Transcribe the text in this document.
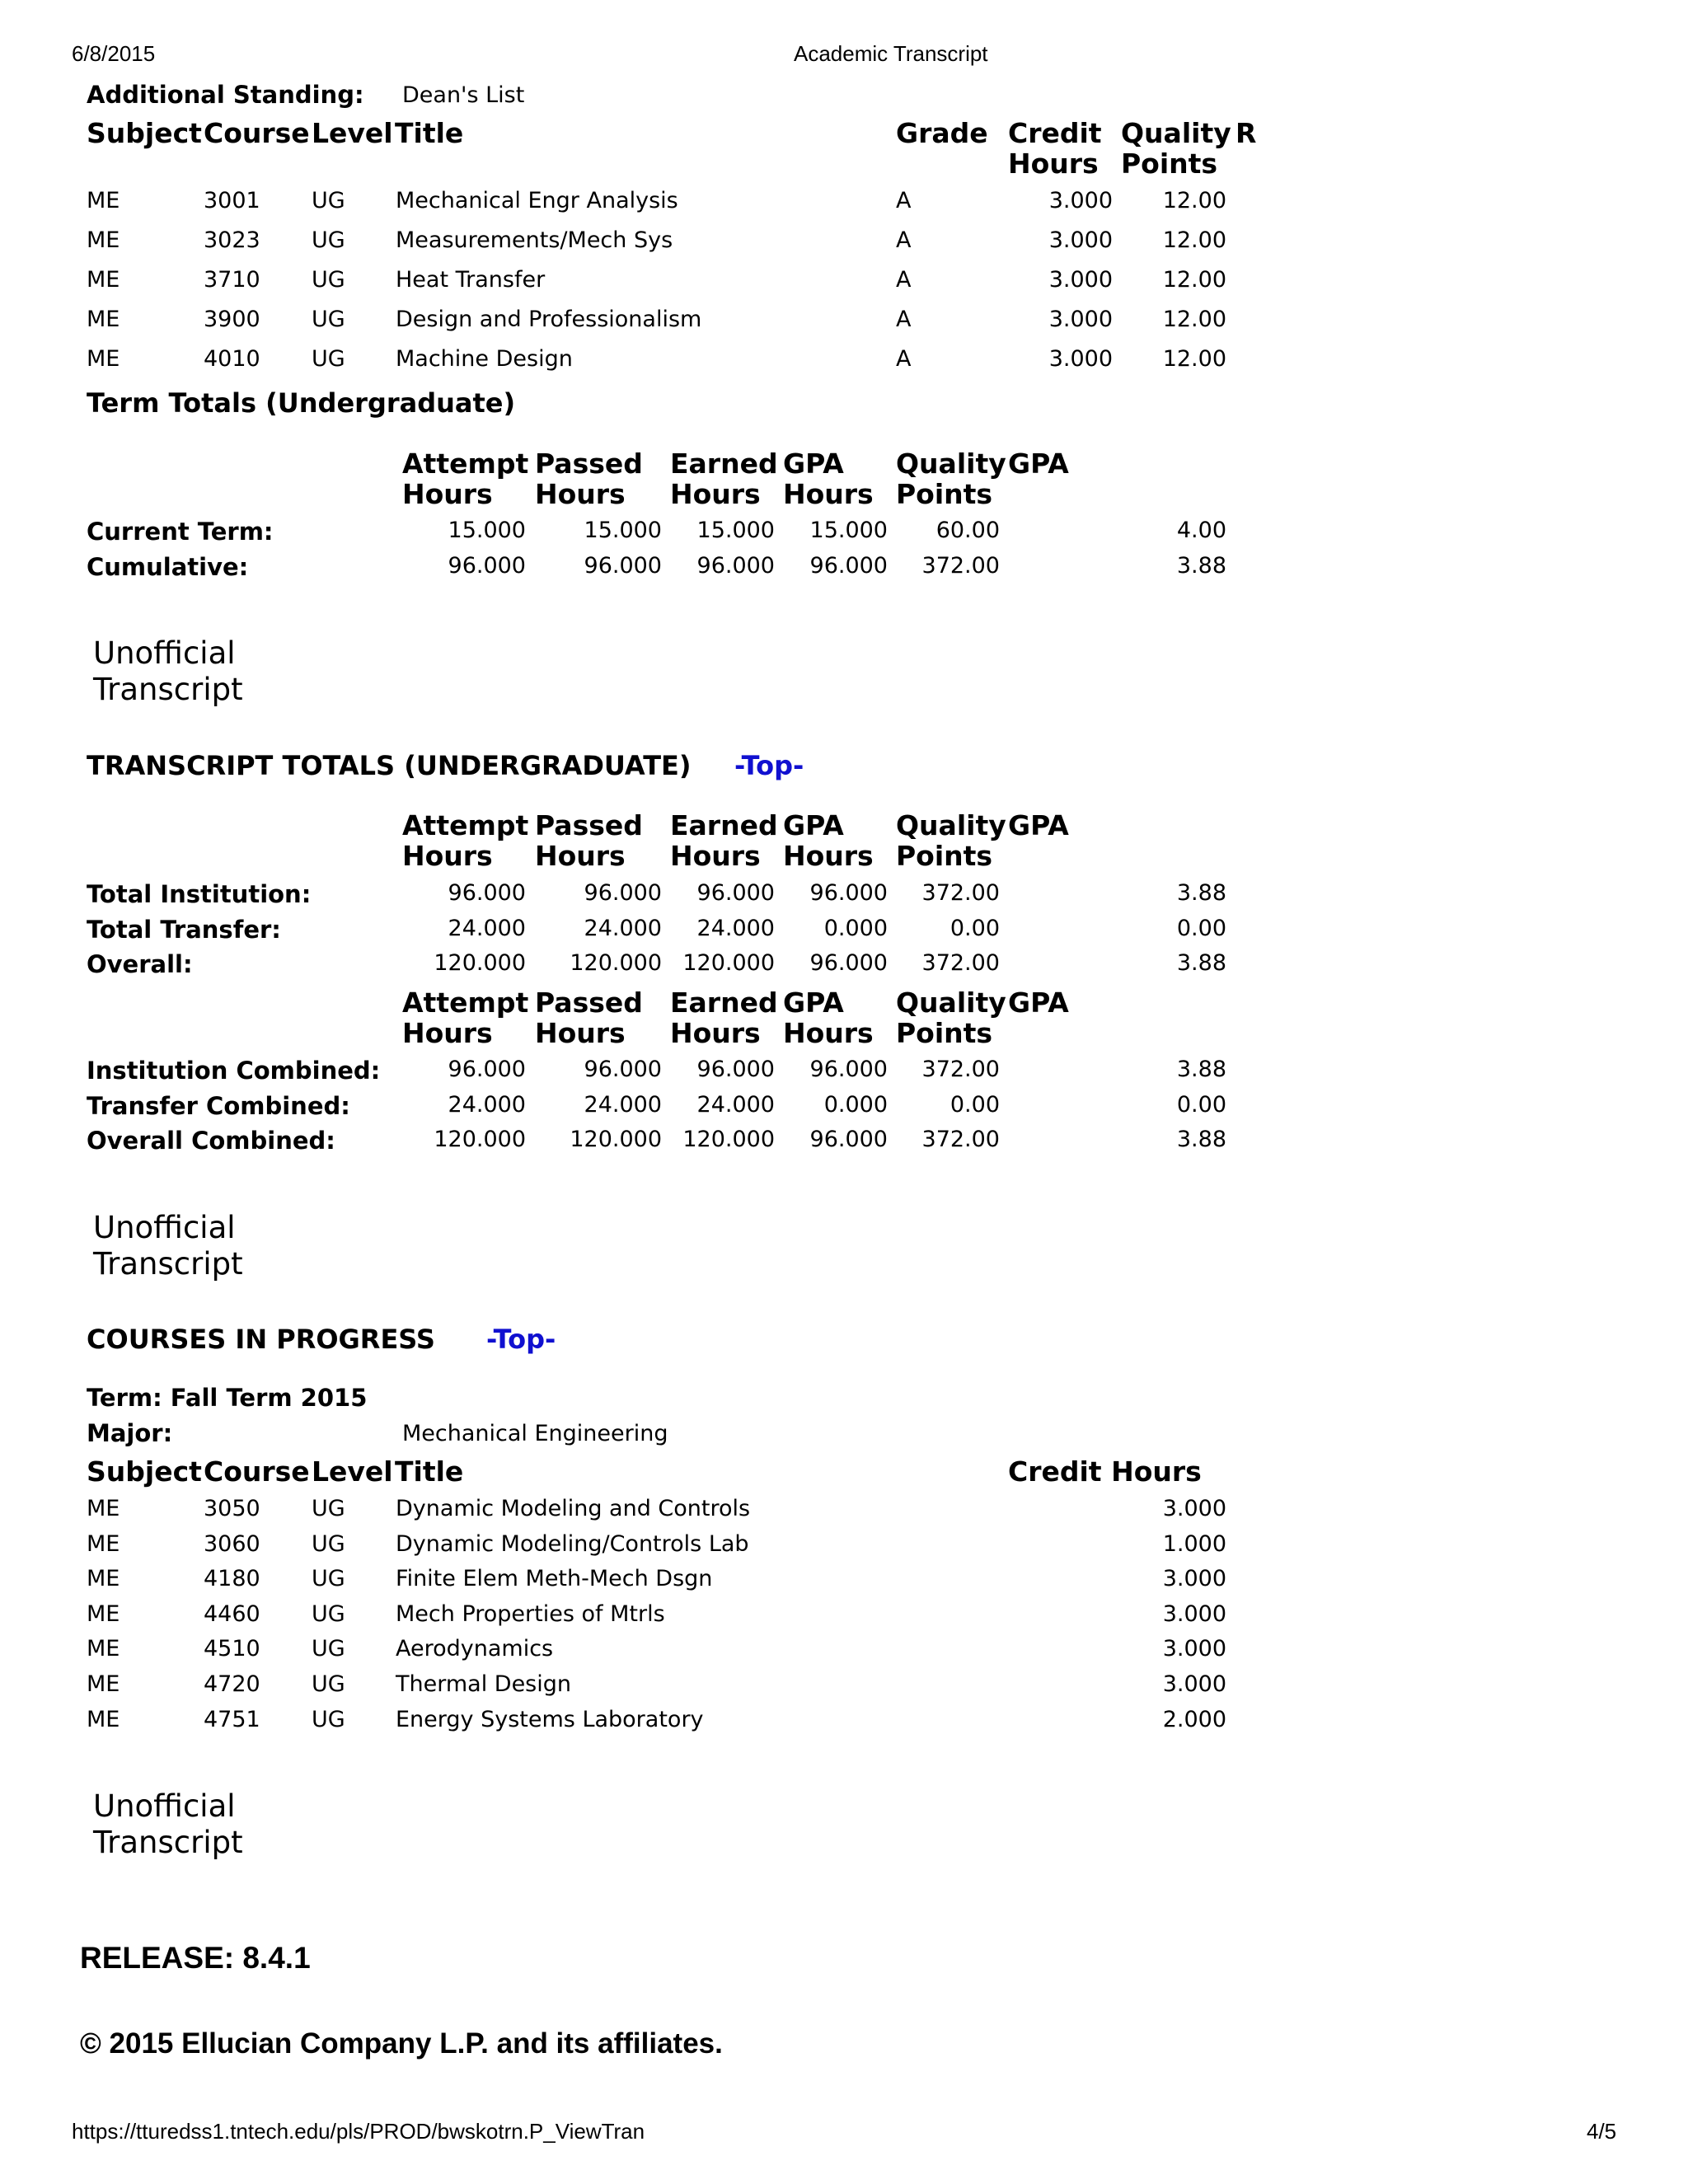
6/8/2015	Academic Transcript
Additional Standing: Dean's List
Subject Course Level Title	Grade Credit
Hours
Quality
Points
R
ME	3001 UG Mechanical Engr Analysis	A	3.000	12.00
ME	3023 UG Measurements/Mech Sys	A	3.000	12.00
ME	3710 UG Heat Transfer	A	3.000	12.00
ME	3900 UG Design and Professionalism	A	3.000	12.00
ME	4010 UG Machine Design	A	3.000	12.00
Term Totals (Undergraduate)
Attempt
Hours
Passed
Hours
Earned
Hours
GPA
Hours
Quality
Points
GPA
Current Term:	15.000	15.000	15.000	15.000	60.00	4.00
Cumulative:	96.000	96.000	96.000	96.000	372.00	3.88
Unofficial
Transcript
TRANSCRIPT TOTALS (UNDERGRADUATE) -Top-
Attempt
Hours
Passed
Hours
Earned
Hours
GPA
Hours
Quality
Points
GPA
Total Institution:	96.000	96.000	96.000	96.000	372.00	3.88
Total Transfer:	24.000	24.000	24.000	0.000	0.00	0.00
Overall:	120.000	120.000 120.000	96.000	372.00	3.88
Attempt
Hours
Passed
Hours
Earned
Hours
GPA
Hours
Quality
Points
GPA
Institution Combined:	96.000	96.000	96.000	96.000	372.00	3.88
Transfer Combined:	24.000	24.000	24.000	0.000	0.00	0.00
Overall Combined:	120.000	120.000 120.000	96.000	372.00	3.88
Unofficial
Transcript
COURSES IN PROGRESS -Top-
Term: Fall Term 2015
Major:	Mechanical Engineering
Subject Course Level Title	Credit Hours
ME	3050 UG Dynamic Modeling and Controls	3.000
ME	3060 UG Dynamic Modeling/Controls Lab	1.000
ME	4180 UG Finite Elem Meth-Mech Dsgn	3.000
ME	4460 UG Mech Properties of Mtrls	3.000
ME	4510 UG Aerodynamics	3.000
ME	4720 UG Thermal Design	3.000
ME	4751 UG Energy Systems Laboratory	2.000
Unofficial
Transcript
RELEASE: 8.4.1
© 2015 Ellucian Company L.P. and its affiliates.
https://tturedss1.tntech.edu/pls/PROD/bwskotrn.P_ViewTran	4/5
